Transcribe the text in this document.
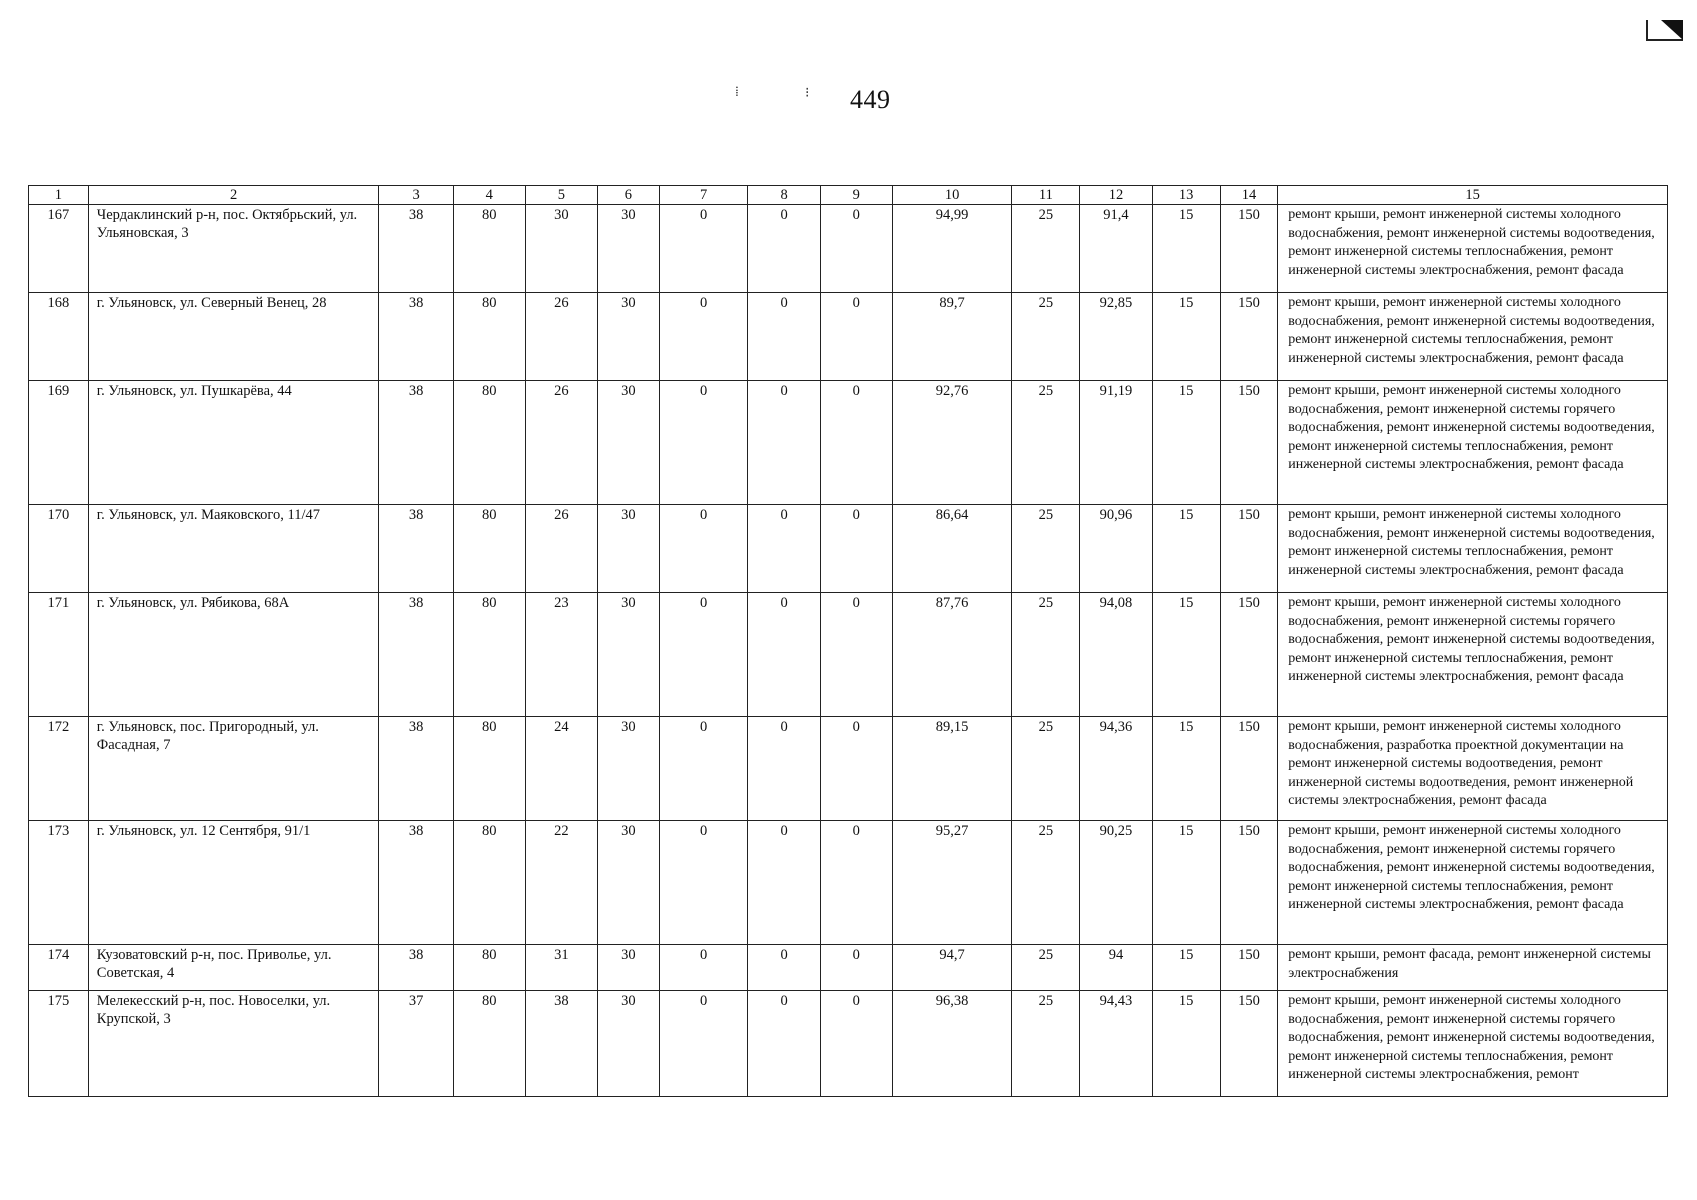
449
⁞	⁝
1	2	3	4	5	6	7	8	9	10	11	12	13	14	15
167	Чердаклинский р-н, пос. Октябрьский, ул. Ульяновская, 3	38	80	30	30	0	0	0	94,99	25	91,4	15	150	ремонт крыши, ремонт инженерной системы холодного водоснабжения, ремонт инженерной системы водоотведения, ремонт инженерной системы теплоснабжения, ремонт инженерной системы электроснабжения, ремонт фасада
168	г. Ульяновск, ул. Северный Венец, 28	38	80	26	30	0	0	0	89,7	25	92,85	15	150	ремонт крыши, ремонт инженерной системы холодного водоснабжения, ремонт инженерной системы водоотведения, ремонт инженерной системы теплоснабжения, ремонт инженерной системы электроснабжения, ремонт фасада
169	г. Ульяновск, ул. Пушкарёва, 44	38	80	26	30	0	0	0	92,76	25	91,19	15	150	ремонт крыши, ремонт инженерной системы холодного водоснабжения, ремонт инженерной системы горячего водоснабжения, ремонт инженерной системы водоотведения, ремонт инженерной системы теплоснабжения, ремонт инженерной системы электроснабжения, ремонт фасада
170	г. Ульяновск, ул. Маяковского, 11/47	38	80	26	30	0	0	0	86,64	25	90,96	15	150	ремонт крыши, ремонт инженерной системы холодного водоснабжения, ремонт инженерной системы водоотведения, ремонт инженерной системы теплоснабжения, ремонт инженерной системы электроснабжения, ремонт фасада
171	г. Ульяновск, ул. Рябикова, 68А	38	80	23	30	0	0	0	87,76	25	94,08	15	150	ремонт крыши, ремонт инженерной системы холодного водоснабжения, ремонт инженерной системы горячего водоснабжения, ремонт инженерной системы водоотведения, ремонт инженерной системы теплоснабжения, ремонт инженерной системы электроснабжения, ремонт фасада
172	г. Ульяновск, пос. Пригородный, ул. Фасадная, 7	38	80	24	30	0	0	0	89,15	25	94,36	15	150	ремонт крыши, ремонт инженерной системы холодного водоснабжения, разработка проектной документации на ремонт инженерной системы водоотведения, ремонт инженерной системы водоотведения, ремонт инженерной системы электроснабжения, ремонт фасада
173	г. Ульяновск, ул. 12 Сентября, 91/1	38	80	22	30	0	0	0	95,27	25	90,25	15	150	ремонт крыши, ремонт инженерной системы холодного водоснабжения, ремонт инженерной системы горячего водоснабжения, ремонт инженерной системы водоотведения, ремонт инженерной системы теплоснабжения, ремонт инженерной системы электроснабжения, ремонт фасада
174	Кузоватовский р-н, пос. Приволье, ул. Советская, 4	38	80	31	30	0	0	0	94,7	25	94	15	150	ремонт крыши, ремонт фасада, ремонт инженерной системы электроснабжения
175	Мелекесский р-н, пос. Новоселки, ул. Крупской, 3	37	80	38	30	0	0	0	96,38	25	94,43	15	150	ремонт крыши, ремонт инженерной системы холодного водоснабжения, ремонт инженерной системы горячего водоснабжения, ремонт инженерной системы водоотведения, ремонт инженерной системы теплоснабжения, ремонт инженерной системы электроснабжения, ремонт
